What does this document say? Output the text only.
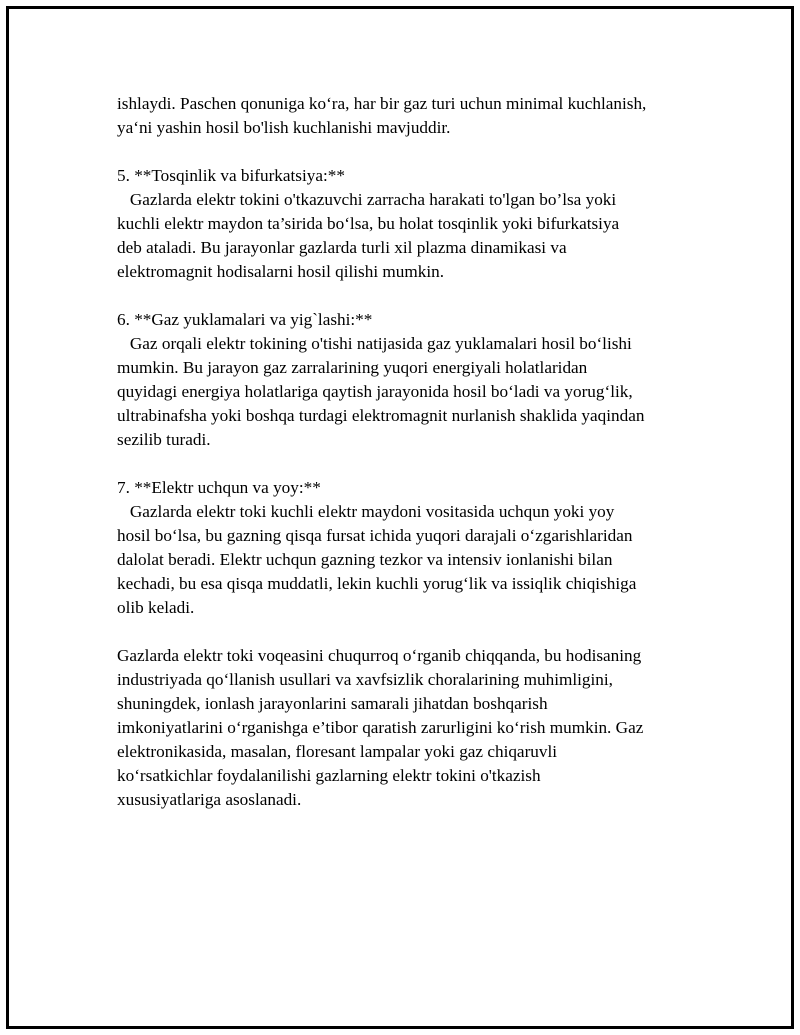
ishlaydi. Paschen qonuniga koʻra, har bir gaz turi uchun minimal kuchlanish,
yaʻni yashin hosil bo'lish kuchlanishi mavjuddir.
5. **Tosqinlik va bifurkatsiya:**
Gazlarda elektr tokini o'tkazuvchi zarracha harakati to'lgan bo’lsa yoki
kuchli elektr maydon ta’sirida boʻlsa, bu holat tosqinlik yoki bifurkatsiya
deb ataladi. Bu jarayonlar gazlarda turli xil plazma dinamikasi va
elektromagnit hodisalarni hosil qilishi mumkin.
6. **Gaz yuklamalari va yig`lashi:**
Gaz orqali elektr tokining o'tishi natijasida gaz yuklamalari hosil boʻlishi
mumkin. Bu jarayon gaz zarralarining yuqori energiyali holatlaridan
quyidagi energiya holatlariga qaytish jarayonida hosil boʻladi va yorugʻlik,
ultrabinafsha yoki boshqa turdagi elektromagnit nurlanish shaklida yaqindan
sezilib turadi.
7. **Elektr uchqun va yoy:**
Gazlarda elektr toki kuchli elektr maydoni vositasida uchqun yoki yoy
hosil boʻlsa, bu gazning qisqa fursat ichida yuqori darajali oʻzgarishlaridan
dalolat beradi. Elektr uchqun gazning tezkor va intensiv ionlanishi bilan
kechadi, bu esa qisqa muddatli, lekin kuchli yorugʻlik va issiqlik chiqishiga
olib keladi.
Gazlarda elektr toki voqeasini chuqurroq oʻrganib chiqqanda, bu hodisaning
industriyada qoʻllanish usullari va xavfsizlik choralarining muhimligini,
shuningdek, ionlash jarayonlarini samarali jihatdan boshqarish
imkoniyatlarini oʻrganishga e’tibor qaratish zarurligini koʻrish mumkin. Gaz
elektronikasida, masalan, floresant lampalar yoki gaz chiqaruvli
koʻrsatkichlar foydalanilishi gazlarning elektr tokini o'tkazish
xususiyatlariga asoslanadi.
